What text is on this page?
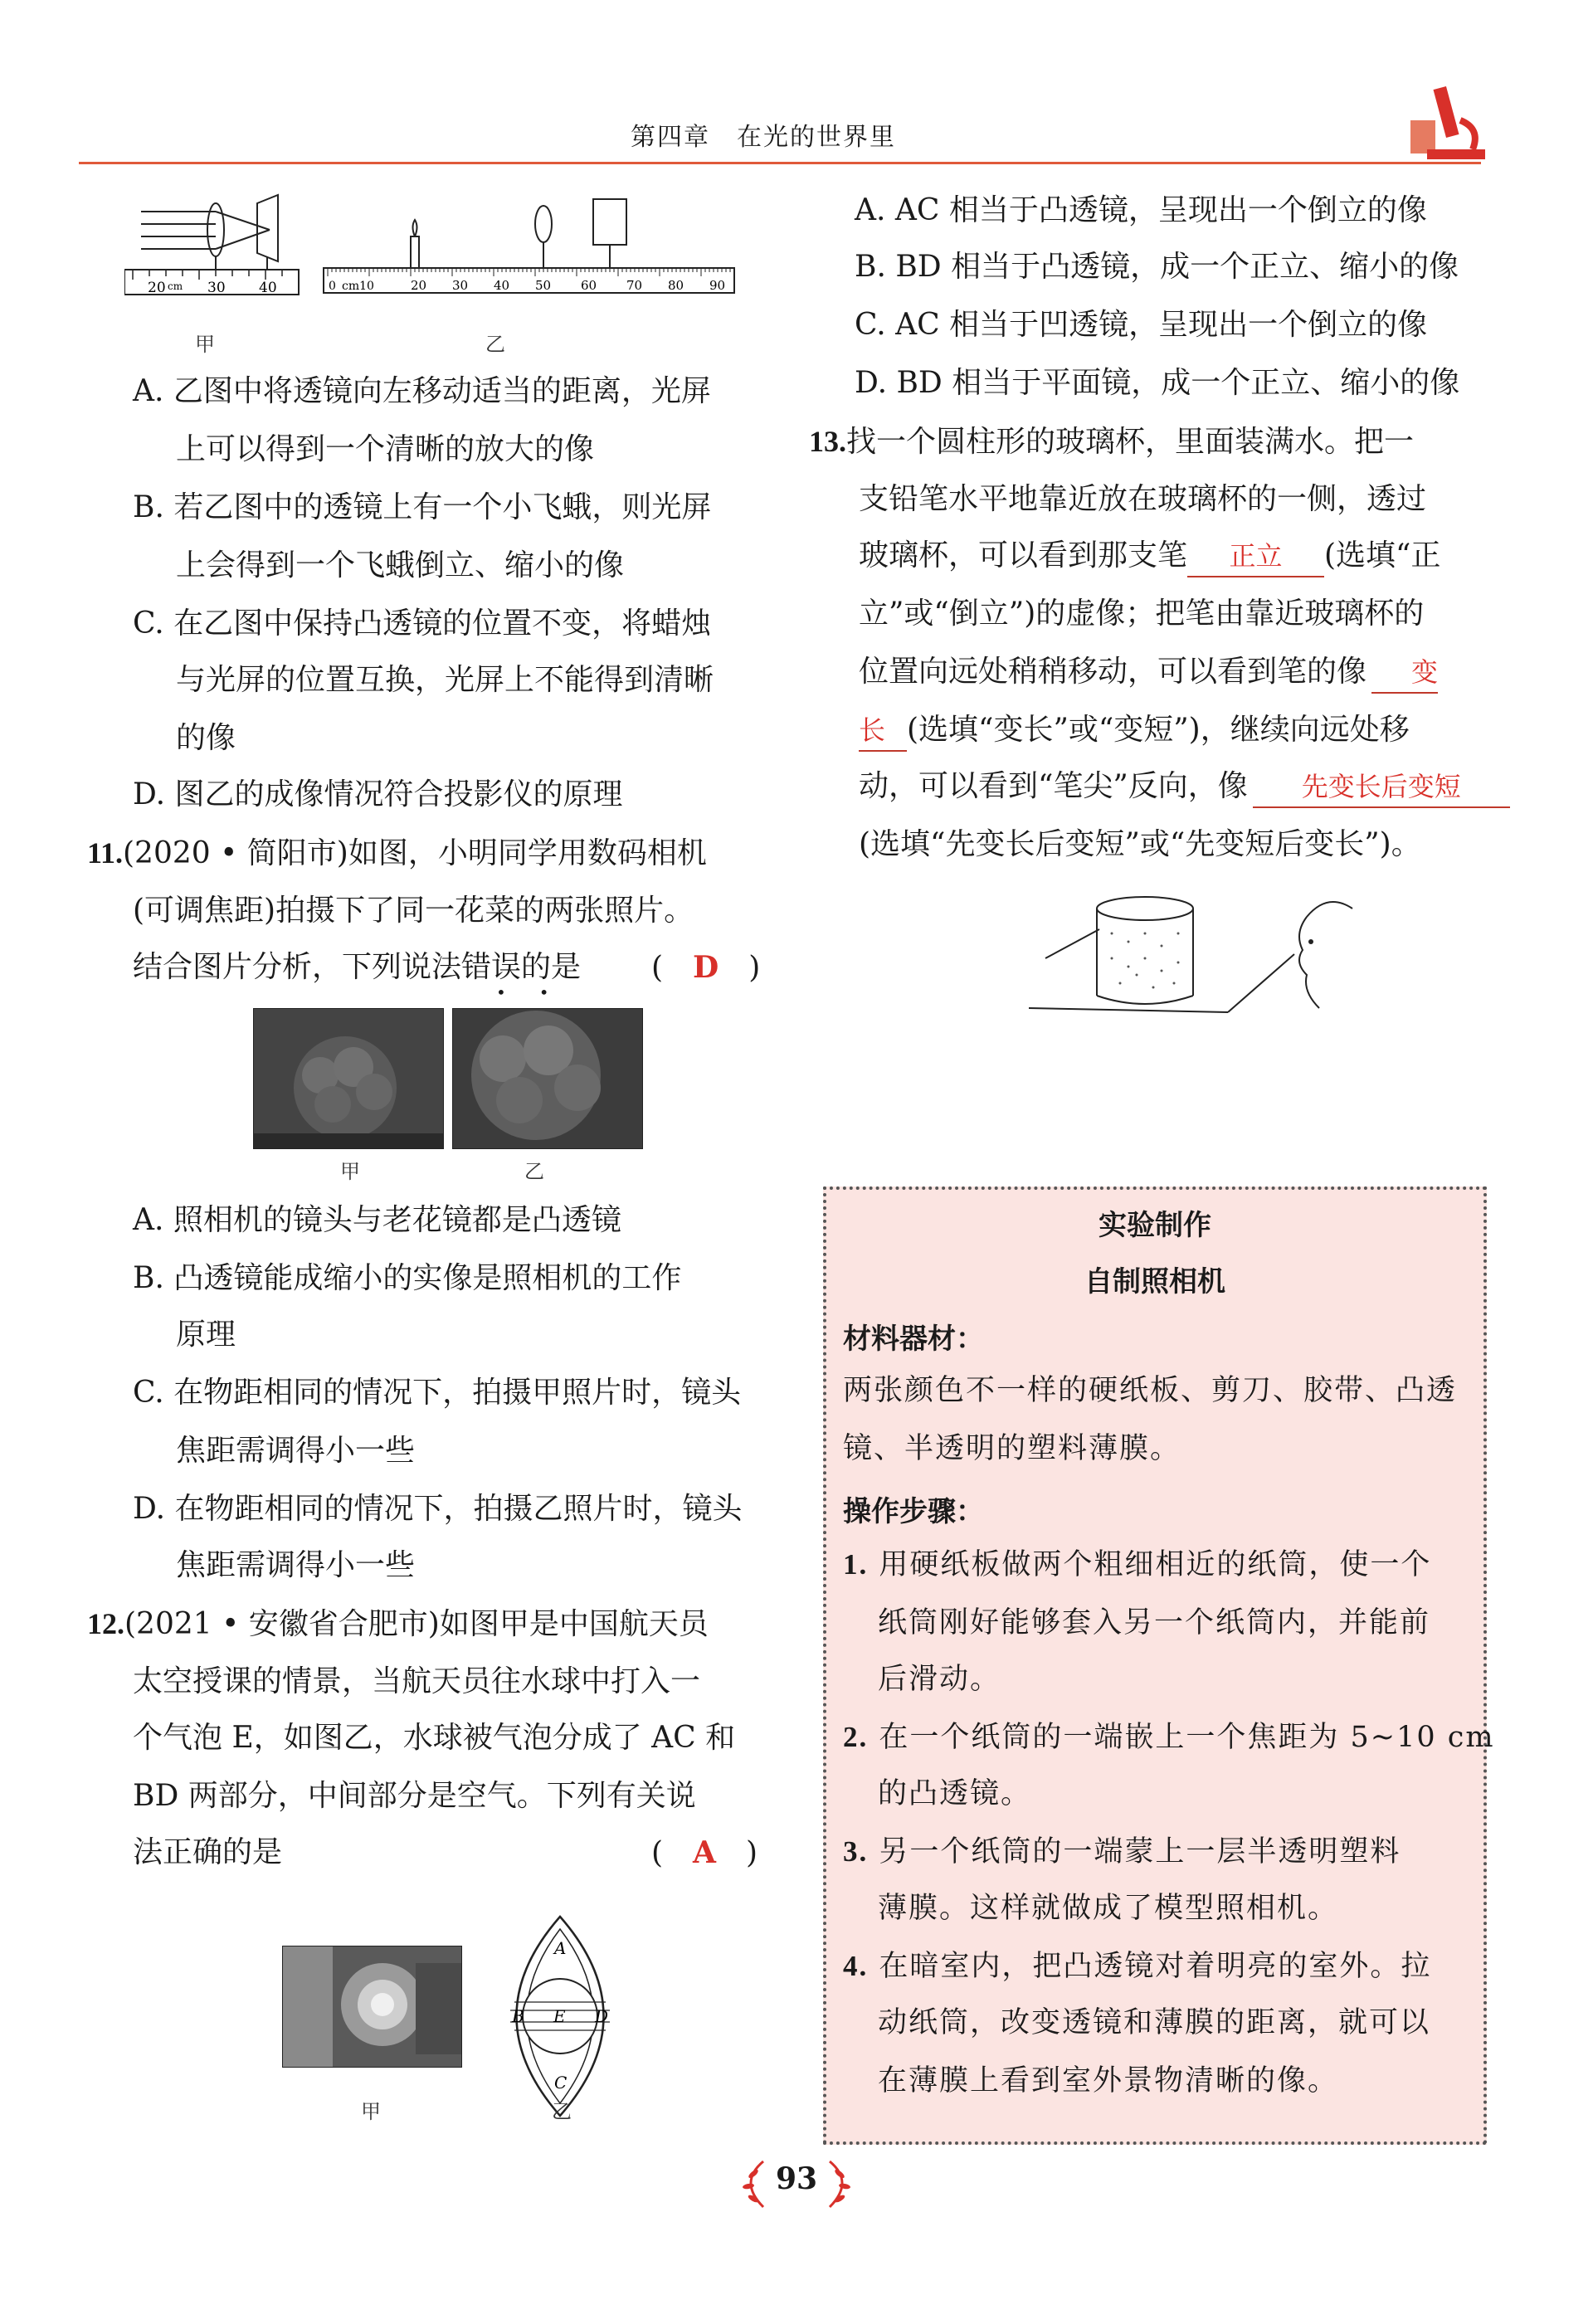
第四章　在光的世界里
20 cm 30 40	0 cm10	20 30 40 50 60 70 80 90
甲	乙
A. 乙图中将透镜向左移动适当的距离，光屏
上可以得到一个清晰的放大的像
B. 若乙图中的透镜上有一个小飞蛾，则光屏
上会得到一个飞蛾倒立、缩小的像
C. 在乙图中保持凸透镜的位置不变，将蜡烛
与光屏的位置互换，光屏上不能得到清晰
的像
D. 图乙的成像情况符合投影仪的原理
11.(2020 • 简阳市)如图，小明同学用数码相机
(可调焦距)拍摄下了同一花菜的两张照片。
结合图片分析，下列说法错误的是 (　D　)
•　　•
甲	乙
A. 照相机的镜头与老花镜都是凸透镜
B. 凸透镜能成缩小的实像是照相机的工作
原理
C. 在物距相同的情况下，拍摄甲照片时，镜头
焦距需调得小一些
D. 在物距相同的情况下，拍摄乙照片时，镜头
焦距需调得小一些
12.(2021 • 安徽省合肥市)如图甲是中国航天员
太空授课的情景，当航天员往水球中打入一
个气泡 E，如图乙，水球被气泡分成了 AC 和
BD 两部分，中间部分是空气。下列有关说
法正确的是	(　A　)
A
B E D
C
甲	乙
A. AC 相当于凸透镜，呈现出一个倒立的像
B. BD 相当于凸透镜，成一个正立、缩小的像
C. AC 相当于凹透镜，呈现出一个倒立的像
D. BD 相当于平面镜，成一个正立、缩小的像
13.找一个圆柱形的玻璃杯，里面装满水。把一
支铅笔水平地靠近放在玻璃杯的一侧，透过
玻璃杯，可以看到那支笔 正立 (选填“正
立”或“倒立”)的虚像；把笔由靠近玻璃杯的
位置向远处稍稍移动，可以看到笔的像 变
长 (选填“变长”或“变短”)，继续向远处移
动，可以看到“笔尖”反向，像 先变长后变短
(选填“先变长后变短”或“先变短后变长”)。
实验制作
自制照相机
材料器材：
两张颜色不一样的硬纸板、剪刀、胶带、凸透
镜、半透明的塑料薄膜。
操作步骤：
1. 用硬纸板做两个粗细相近的纸筒，使一个
纸筒刚好能够套入另一个纸筒内，并能前
后滑动。
2. 在一个纸筒的一端嵌上一个焦距为 5~10 cm
的凸透镜。
3. 另一个纸筒的一端蒙上一层半透明塑料
薄膜。这样就做成了模型照相机。
4. 在暗室内，把凸透镜对着明亮的室外。拉
动纸筒，改变透镜和薄膜的距离，就可以
在薄膜上看到室外景物清晰的像。
93
